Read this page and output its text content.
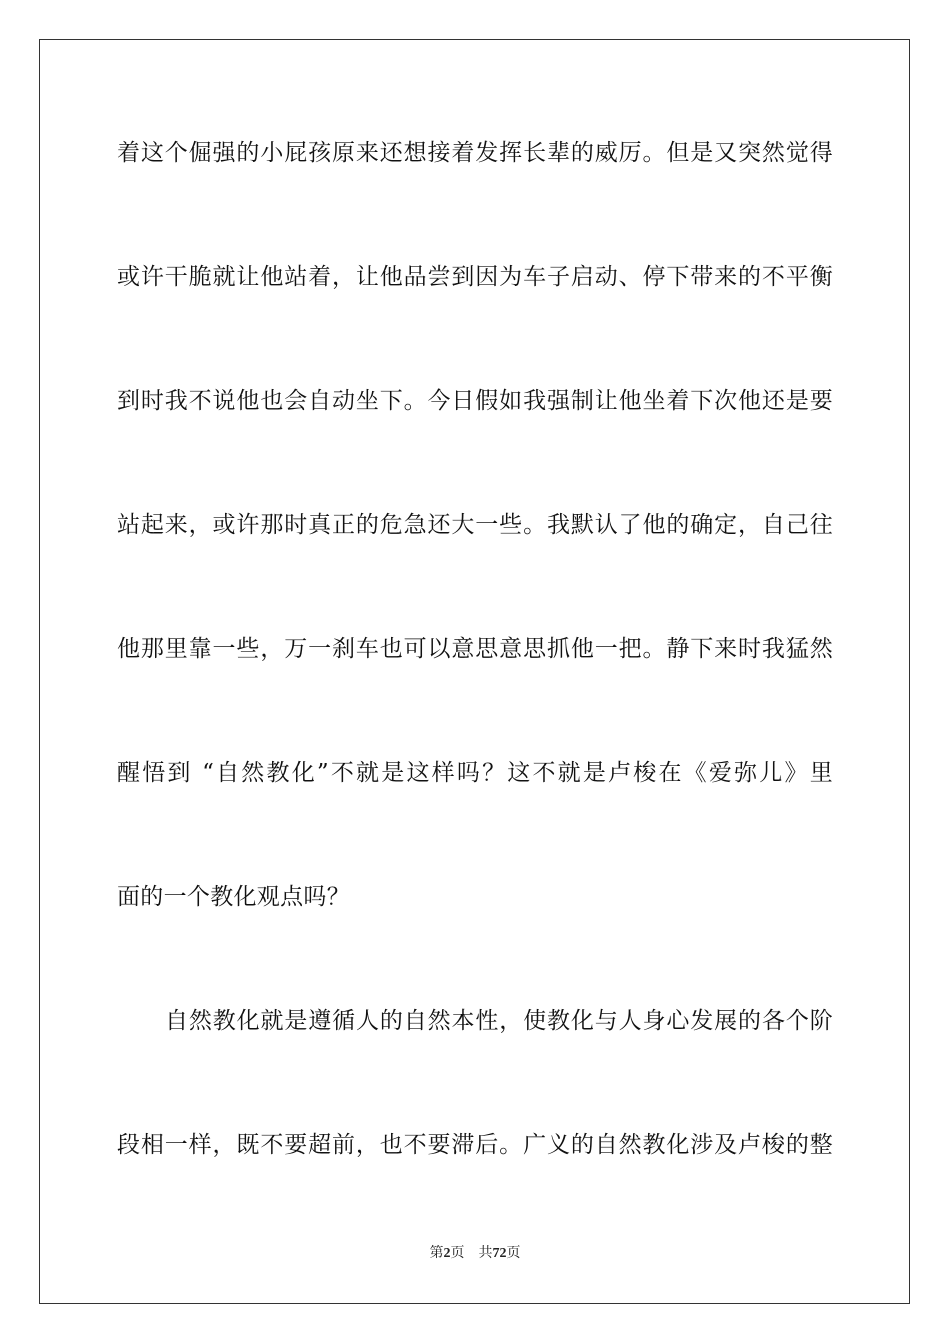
着这个倔强的小屁孩原来还想接着发挥长辈的威厉。但是又突然觉得
或许干脆就让他站着，让他品尝到因为车子启动、停下带来的不平衡
到时我不说他也会自动坐下。今日假如我强制让他坐着下次他还是要
站起来，或许那时真正的危急还大一些。我默认了他的确定，自己往
他那里靠一些，万一刹车也可以意思意思抓他一把。静下来时我猛然
醒悟到 “自然教化”不就是这样吗？这不就是卢梭在《爱弥儿》里
面的一个教化观点吗？
自然教化就是遵循人的自然本性，使教化与人身心发展的各个阶
段相一样，既不要超前，也不要滞后。广义的自然教化涉及卢梭的整
第2页 共72页
